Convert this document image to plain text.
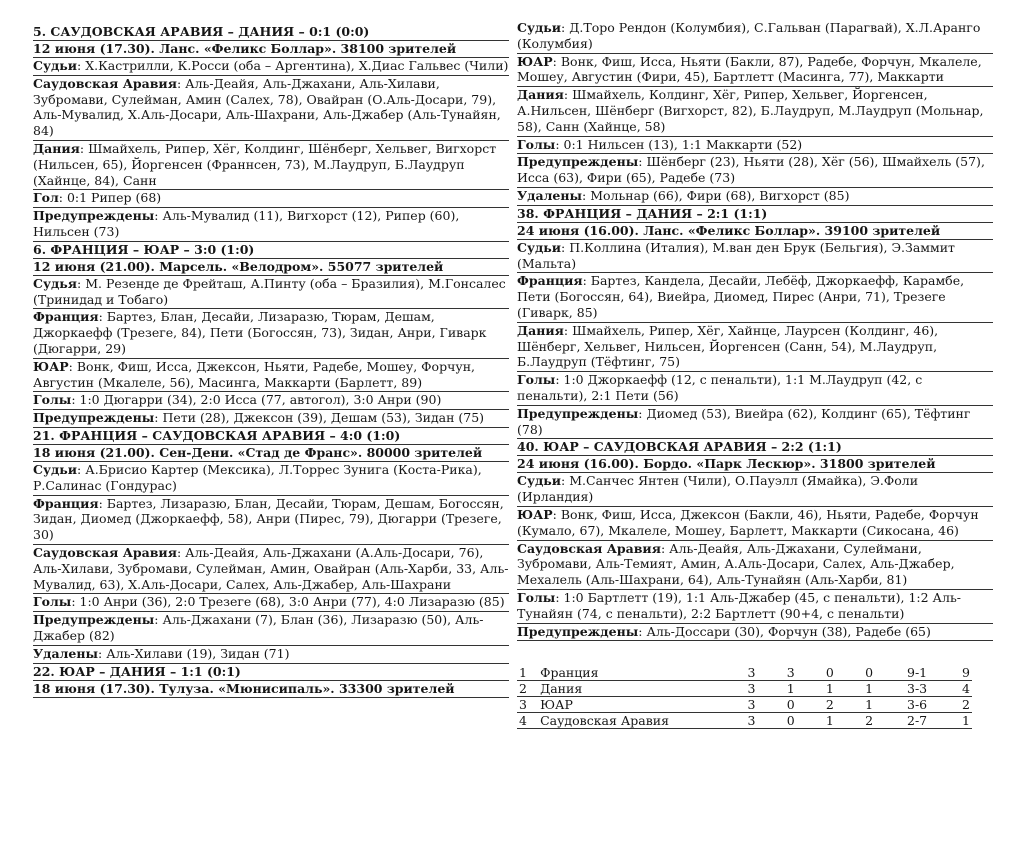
5. САУДОВСКАЯ АРАВИЯ – ДАНИЯ – 0:1 (0:0)
12 июня (17.30). Ланс. «Феликс Боллар». 38100 зрителей
Судьи: Х.Кастрилли, К.Росси (оба – Аргентина), Х.Диас Гальвес (Чили)
Саудовская Аравия: Аль-Деайя, Аль-Джахани, Аль-Хилави, Зубромави, Сулейман, Амин (Салех, 78), Овайран (О.Аль-Досари, 79), Аль-Мувалид, Х.Аль-Досари, Аль-Шахрани, Аль-Джабер (Аль-Тунайян, 84)
Дания: Шмайхель, Рипер, Хёг, Колдинг, Шёнберг, Хельвег, Вигхорст (Нильсен, 65), Йоргенсен (Франнсен, 73), М.Лаудруп, Б.Лаудруп (Хайнце, 84), Санн
Гол: 0:1 Рипер (68)
Предупреждены: Аль-Мувалид (11), Вигхорст (12), Рипер (60), Нильсен (73)
6. ФРАНЦИЯ – ЮАР – 3:0 (1:0)
12 июня (21.00). Марсель. «Велодром». 55077 зрителей
Судья: М. Резенде де Фрейташ, А.Пинту (оба – Бразилия), М.Гонсалес (Тринидад и Тобаго)
Франция: Бартез, Блан, Десайи, Лизаразю, Тюрам, Дешам, Джоркаефф (Трезеге, 84), Пети (Богоссян, 73), Зидан, Анри, Гиварк (Дюгарри, 29)
ЮАР: Вонк, Фиш, Исса, Джексон, Ньяти, Радебе, Мошеу, Форчун, Августин (Мкалеле, 56), Масинга, Маккарти (Барлетт, 89)
Голы: 1:0 Дюгарри (34), 2:0 Исса (77, автогол), 3:0 Анри (90)
Предупреждены: Пети (28), Джексон (39), Дешам (53), Зидан (75)
21. ФРАНЦИЯ – САУДОВСКАЯ АРАВИЯ – 4:0 (1:0)
18 июня (21.00). Сен-Дени. «Стад де Франс». 80000 зрителей
Судьи: А.Брисио Картер (Мексика), Л.Торрес Зунига (Коста-Рика), Р.Салинас (Гондурас)
Франция: Бартез, Лизаразю, Блан, Десайи, Тюрам, Дешам, Богоссян, Зидан, Диомед (Джоркаефф, 58), Анри (Пирес, 79), Дюгарри (Трезеге, 30)
Саудовская Аравия: Аль-Деайя, Аль-Джахани (А.Аль-Досари, 76), Аль-Хилави, Зубромави, Сулейман, Амин, Овайран (Аль-Харби, 33, Аль-Мувалид, 63), Х.Аль-Досари, Салех, Аль-Джабер, Аль-Шахрани
Голы: 1:0 Анри (36), 2:0 Трезеге (68), 3:0 Анри (77), 4:0 Лизаразю (85)
Предупреждены: Аль-Джахани (7), Блан (36), Лизаразю (50), Аль-Джабер (82)
Удалены: Аль-Хилави (19), Зидан (71)
22. ЮАР – ДАНИЯ – 1:1 (0:1)
18 июня (17.30). Тулуза. «Мюнисипаль». 33300 зрителей
Судьи: Д.Торо Рендон (Колумбия), С.Гальван (Парагвай), Х.Л.Аранго (Колумбия)
ЮАР: Вонк, Фиш, Исса, Ньяти (Бакли, 87), Радебе, Форчун, Мкалеле, Мошеу, Августин (Фири, 45), Бартлетт (Масинга, 77), Маккарти
Дания: Шмайхель, Колдинг, Хёг, Рипер, Хельвег, Йоргенсен, А.Нильсен, Шёнберг (Вигхорст, 82), Б.Лаудруп, М.Лаудруп (Мольнар, 58), Санн (Хайнце, 58)
Голы: 0:1 Нильсен (13), 1:1 Маккарти (52)
Предупреждены: Шёнберг (23), Ньяти (28), Хёг (56), Шмайхель (57), Исса (63), Фири (65), Радебе (73)
Удалены: Мольнар (66), Фири (68), Вигхорст (85)
38. ФРАНЦИЯ – ДАНИЯ – 2:1 (1:1)
24 июня (16.00). Ланс. «Феликс Боллар». 39100 зрителей
Судьи: П.Коллина (Италия), М.ван ден Брук (Бельгия), Э.Заммит (Мальта)
Франция: Бартез, Кандела, Десайи, Лебёф, Джоркаефф, Карамбе, Пети (Богоссян, 64), Виейра, Диомед, Пирес (Анри, 71), Трезеге (Гиварк, 85)
Дания: Шмайхель, Рипер, Хёг, Хайнце, Лаурсен (Колдинг, 46), Шёнберг, Хельвег, Нильсен, Йоргенсен (Санн, 54), М.Лаудруп, Б.Лаудруп (Тёфтинг, 75)
Голы: 1:0 Джоркаефф (12, с пенальти), 1:1 М.Лаудруп (42, с пенальти), 2:1 Пети (56)
Предупреждены: Диомед (53), Виейра (62), Колдинг (65), Тёфтинг (78)
40. ЮАР – САУДОВСКАЯ АРАВИЯ – 2:2 (1:1)
24 июня (16.00). Бордо. «Парк Лескюр». 31800 зрителей
Судьи: М.Санчес Янтен (Чили), О.Пауэлл (Ямайка), Э.Фоли (Ирландия)
ЮАР: Вонк, Фиш, Исса, Джексон (Бакли, 46), Ньяти, Радебе, Форчун (Кумало, 67), Мкалеле, Мошеу, Барлетт, Маккарти (Сикосана, 46)
Саудовская Аравия: Аль-Деайя, Аль-Джахани, Сулеймани, Зубромави, Аль-Темият, Амин, А.Аль-Досари, Салех, Аль-Джабер, Мехалель (Аль-Шахрани, 64), Аль-Тунайян (Аль-Харби, 81)
Голы: 1:0 Бартлетт (19), 1:1 Аль-Джабер (45, с пенальти), 1:2 Аль-Тунайян (74, с пенальти), 2:2 Бартлетт (90+4, с пенальти)
Предупреждены: Аль-Доссари (30), Форчун (38), Радебе (65)
1	Франция	3	3	0	0	9-1	9
2	Дания	3	1	1	1	3-3	4
3	ЮАР	3	0	2	1	3-6	2
4	Саудовская Аравия	3	0	1	2	2-7	1
